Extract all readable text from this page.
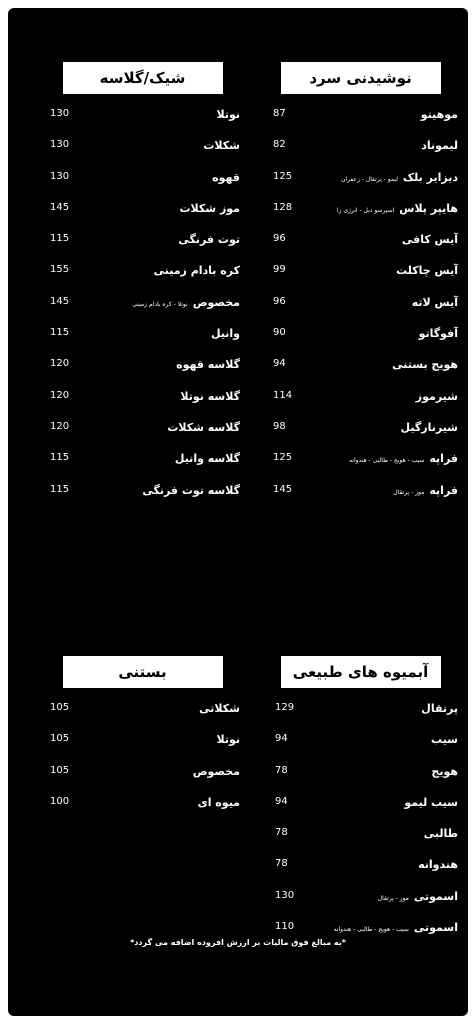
نوشیدنی سرد
موهیتو
87
لیموناد
82
دیزایر بلک
لیمو - پرتقال - زعفران
125
هایپر پلاس
اسپرسو دبل - انرژی زا
128
آیس کافی
96
آیس چاکلت
99
آیس لاته
96
آفوگاتو
90
هویج بستنی
94
شیرموز
114
شیرنارگیل
98
فراپه
سیب - هویج - طالبی - هندوانه
125
فراپه
موز - پرتقال
145
شیک/گلاسه
نوتلا
130
شکلات
130
قهوه
130
موز شکلات
145
توت فرنگی
115
کره بادام زمینی
155
مخصوص
نوتلا - کره بادام زمینی
145
وانیل
115
گلاسه قهوه
120
گلاسه نوتلا
120
گلاسه شکلات
120
گلاسه وانیل
115
گلاسه توت فرنگی
115
آبمیوه های طبیعی
پرتقال
129
سیب
94
هویج
78
سیب لیمو
94
طالبی
78
هندوانه
78
اسموتی
موز - پرتقال
130
اسموتی
سیب - هویج - طالبی - هندوانه
110
بستنی
شکلاتی
105
نوتلا
105
مخصوص
105
میوه ای
100
*به مبالغ فوق مالیات بر ارزش افزوده اضافه می گردد*
